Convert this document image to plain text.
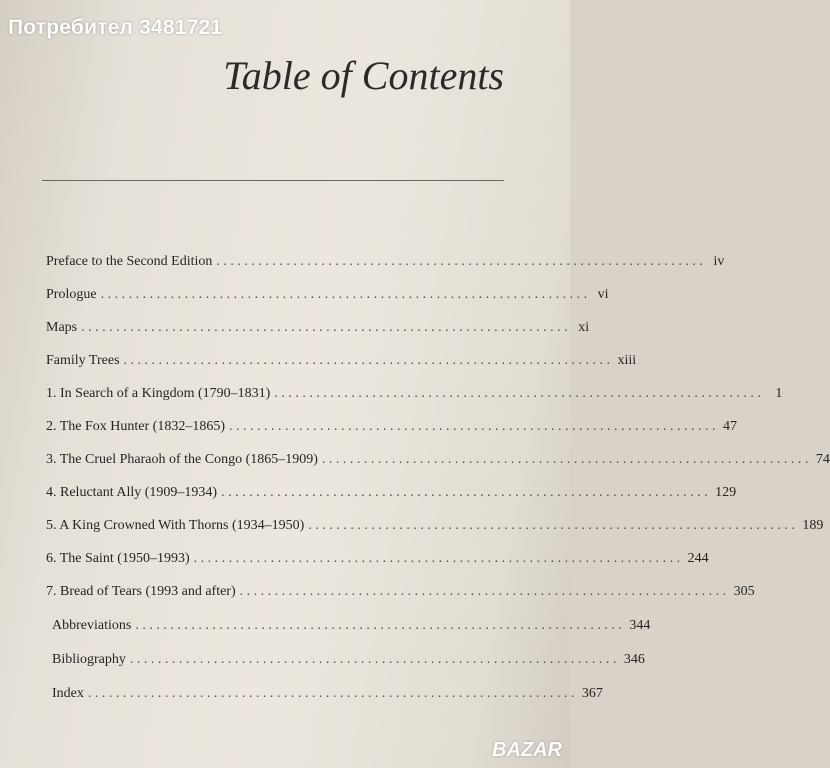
Потребител 3481721
Table of Contents
Preface to the Second Edition ...................................................................... iv
Prologue ...................................................................... vi
Maps ...................................................................... xi
Family Trees ...................................................................... xiii
1. In Search of a Kingdom (1790–1831) ...................................................................... 1
2. The Fox Hunter (1832–1865) ...................................................................... 47
3. The Cruel Pharaoh of the Congo (1865–1909) ...................................................................... 74
4. Reluctant Ally (1909–1934) ...................................................................... 129
5. A King Crowned With Thorns (1934–1950) ...................................................................... 189
6. The Saint (1950–1993) ...................................................................... 244
7. Bread of Tears (1993 and after) ...................................................................... 305
Abbreviations ...................................................................... 344
Bibliography ...................................................................... 346
Index ...................................................................... 367
BAZAR
